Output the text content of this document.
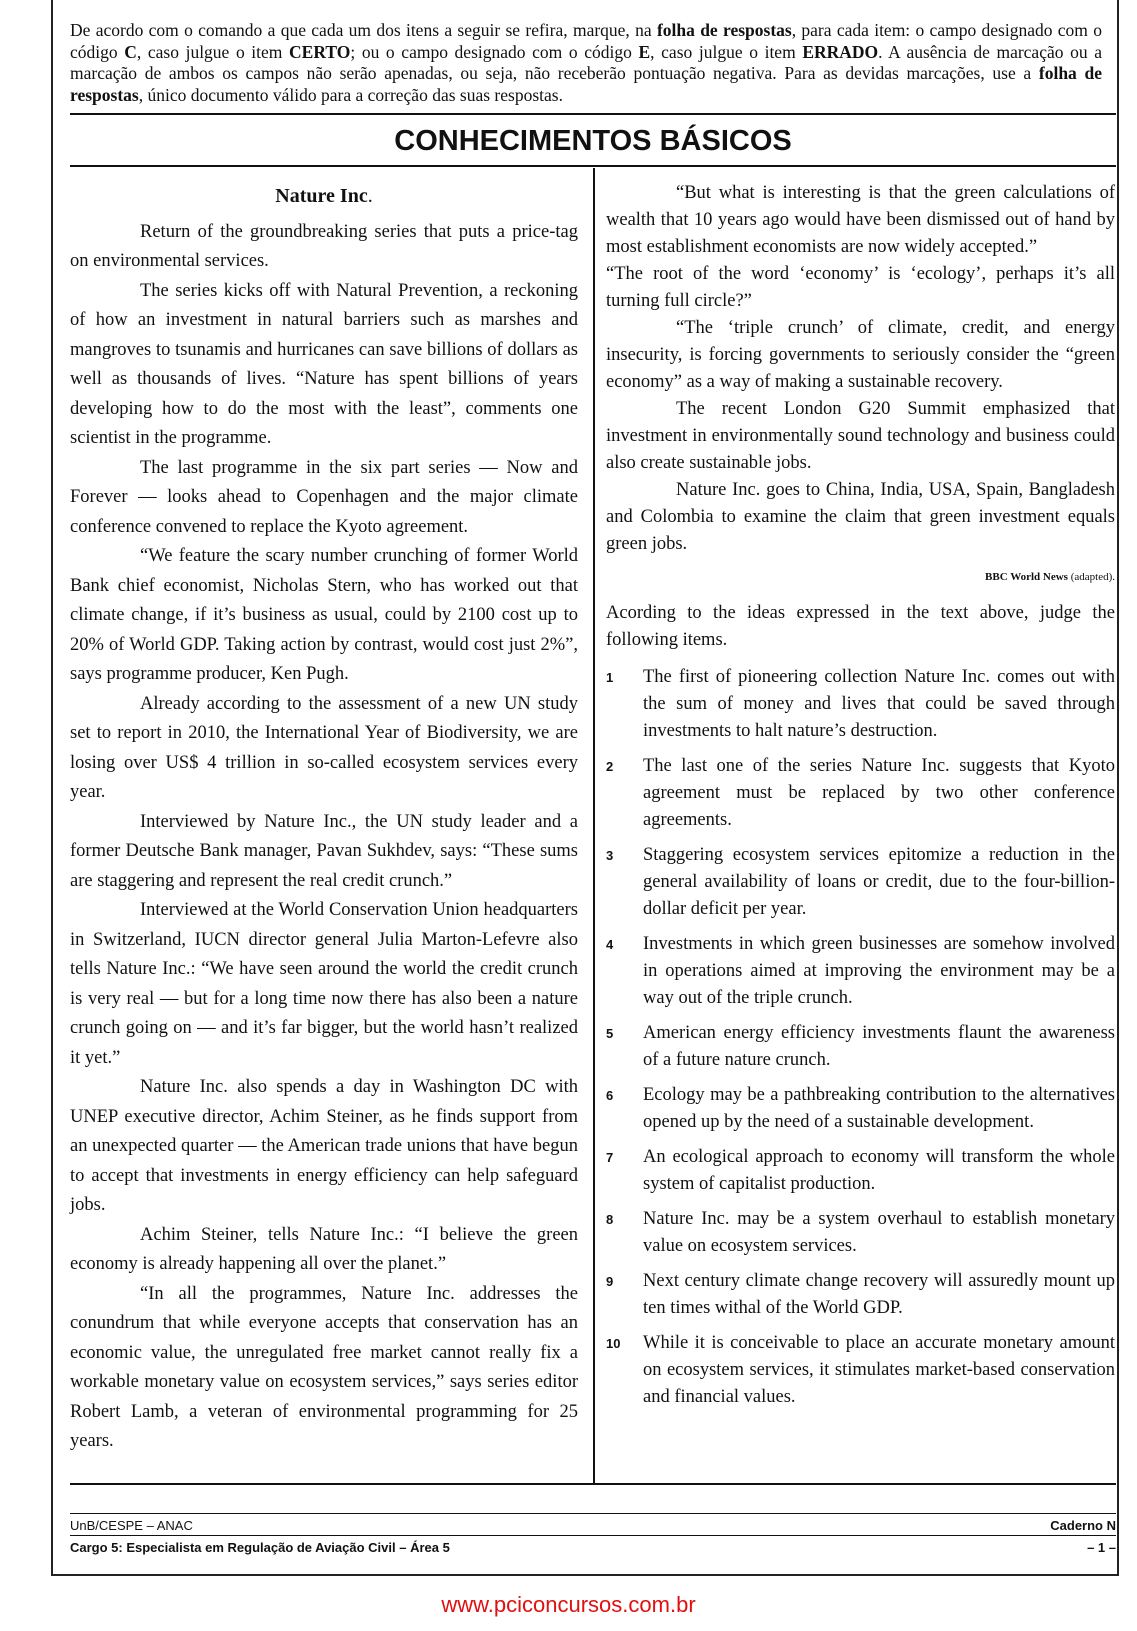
De acordo com o comando a que cada um dos itens a seguir se refira, marque, na folha de respostas, para cada item: o campo designado com o código C, caso julgue o item CERTO; ou o campo designado com o código E, caso julgue o item ERRADO. A ausência de marcação ou a marcação de ambos os campos não serão apenadas, ou seja, não receberão pontuação negativa. Para as devidas marcações, use a folha de respostas, único documento válido para a correção das suas respostas.
CONHECIMENTOS BÁSICOS

Nature Inc.

Return of the groundbreaking series that puts a price-tag on environmental services.

The series kicks off with Natural Prevention, a reckoning of how an investment in natural barriers such as marshes and mangroves to tsunamis and hurricanes can save billions of dollars as well as thousands of lives. “Nature has spent billions of years developing how to do the most with the least”, comments one scientist in the programme.

The last programme in the six part series — Now and Forever — looks ahead to Copenhagen and the major climate conference convened to replace the Kyoto agreement.

“We feature the scary number crunching of former World Bank chief economist, Nicholas Stern, who has worked out that climate change, if it’s business as usual, could by 2100 cost up to 20% of World GDP. Taking action by contrast, would cost just 2%”, says programme producer, Ken Pugh.

Already according to the assessment of a new UN study set to report in 2010, the International Year of Biodiversity, we are losing over US$ 4 trillion in so-called ecosystem services every year.

Interviewed by Nature Inc., the UN study leader and a former Deutsche Bank manager, Pavan Sukhdev, says: “These sums are staggering and represent the real credit crunch.”

Interviewed at the World Conservation Union headquarters in Switzerland, IUCN director general Julia Marton-Lefevre also tells Nature Inc.: “We have seen around the world the credit crunch is very real — but for a long time now there has also been a nature crunch going on — and it’s far bigger, but the world hasn’t realized it yet.”

Nature Inc. also spends a day in Washington DC with UNEP executive director, Achim Steiner, as he finds support from an unexpected quarter — the American trade unions that have begun to accept that investments in energy efficiency can help safeguard jobs.

Achim Steiner, tells Nature Inc.: “I believe the green economy is already happening all over the planet.”

“In all the programmes, Nature Inc. addresses the conundrum that while everyone accepts that conservation has an economic value, the unregulated free market cannot really fix a workable monetary value on ecosystem services,” says series editor Robert Lamb, a veteran of environmental programming for 25 years.

“But what is interesting is that the green calculations of wealth that 10 years ago would have been dismissed out of hand by most establishment economists are now widely accepted.”

“The root of the word ‘economy’ is ‘ecology’, perhaps it’s all turning full circle?”

“The ‘triple crunch’ of climate, credit, and energy insecurity, is forcing governments to seriously consider the “green economy” as a way of making a sustainable recovery.

The recent London G20 Summit emphasized that investment in environmentally sound technology and business could also create sustainable jobs.

Nature Inc. goes to China, India, USA, Spain, Bangladesh and Colombia to examine the claim that green investment equals green jobs.

BBC World News (adapted).

Acording to the ideas expressed in the text above, judge the following items.

1	The first of pioneering collection Nature Inc. comes out with the sum of money and lives that could be saved through investments to halt nature’s destruction.
2	The last one of the series Nature Inc. suggests that Kyoto agreement must be replaced by two other conference agreements.
3	Staggering ecosystem services epitomize a reduction in the general availability of loans or credit, due to the four-billion-dollar deficit per year.
4	Investments in which green businesses are somehow involved in operations aimed at improving the environment may be a way out of the triple crunch.
5	American energy efficiency investments flaunt the awareness of a future nature crunch.
6	Ecology may be a pathbreaking contribution to the alternatives opened up by the need of a sustainable development.
7	An ecological approach to economy will transform the whole system of capitalist production.
8	Nature Inc. may be a system overhaul to establish monetary value on ecosystem services.
9	Next century climate change recovery will assuredly mount up ten times withal of the World GDP.
10	While it is conceivable to place an accurate monetary amount on ecosystem services, it stimulates market-based conservation and financial values.
UnB/CESPE – ANAC	Caderno N
Cargo 5: Especialista em Regulação de Aviação Civil – Área 5	– 1 –
www.pciconcursos.com.br
